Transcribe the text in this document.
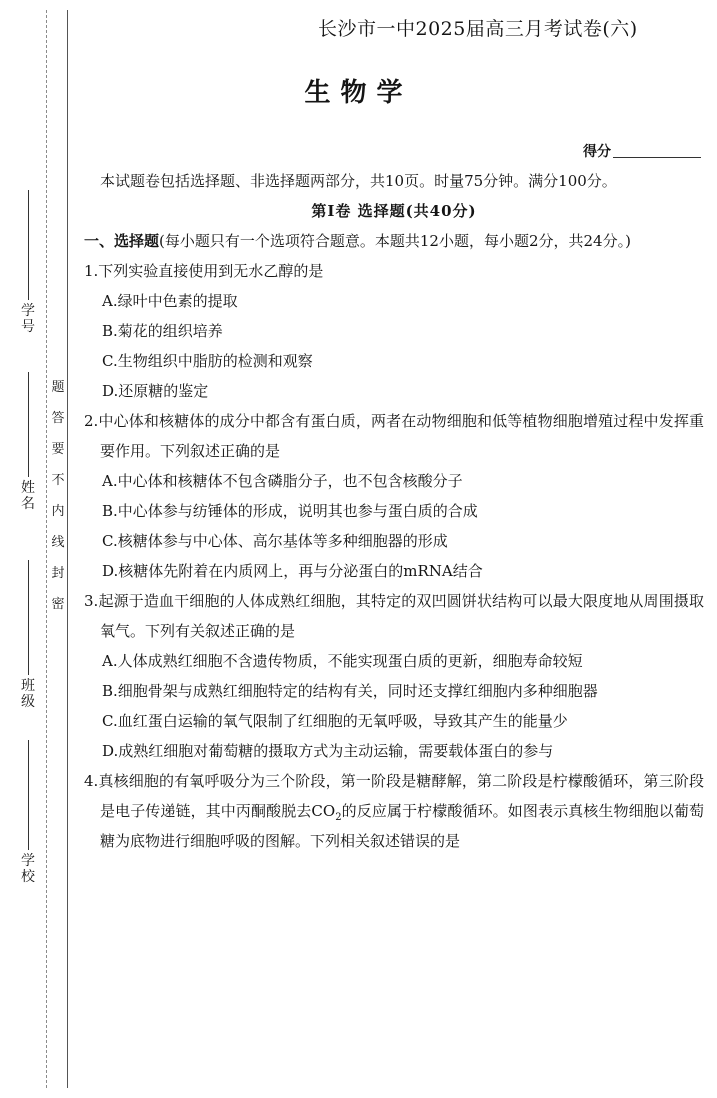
学 号
姓 名
班 级
学 校
题
答
要
不
内
线
封
密
长沙市一中2025届高三月考试卷(六)
生物学
得分

本试题卷包括选择题、非选择题两部分，共10页。时量75分钟。满分100分。

第Ⅰ卷 选择题(共40分)

一、选择题(每小题只有一个选项符合题意。本题共12小题，每小题2分，共24分。)

1.下列实验直接使用到无水乙醇的是

A.绿叶中色素的提取

B.菊花的组织培养

C.生物组织中脂肪的检测和观察

D.还原糖的鉴定

2.中心体和核糖体的成分中都含有蛋白质，两者在动物细胞和低等植物细胞增殖过程中发挥重要作用。下列叙述正确的是

A.中心体和核糖体不包含磷脂分子，也不包含核酸分子

B.中心体参与纺锤体的形成，说明其也参与蛋白质的合成

C.核糖体参与中心体、高尔基体等多种细胞器的形成

D.核糖体先附着在内质网上，再与分泌蛋白的mRNA结合

3.起源于造血干细胞的人体成熟红细胞，其特定的双凹圆饼状结构可以最大限度地从周围摄取氧气。下列有关叙述正确的是

A.人体成熟红细胞不含遗传物质，不能实现蛋白质的更新，细胞寿命较短

B.细胞骨架与成熟红细胞特定的结构有关，同时还支撑红细胞内多种细胞器

C.血红蛋白运输的氧气限制了红细胞的无氧呼吸，导致其产生的能量少

D.成熟红细胞对葡萄糖的摄取方式为主动运输，需要载体蛋白的参与

4.真核细胞的有氧呼吸分为三个阶段，第一阶段是糖酵解，第二阶段是柠檬酸循环，第三阶段是电子传递链，其中丙酮酸脱去$CO_2$的反应属于柠檬酸循环。如图表示真核生物细胞以葡萄糖为底物进行细胞呼吸的图解。下列相关叙述错误的是
